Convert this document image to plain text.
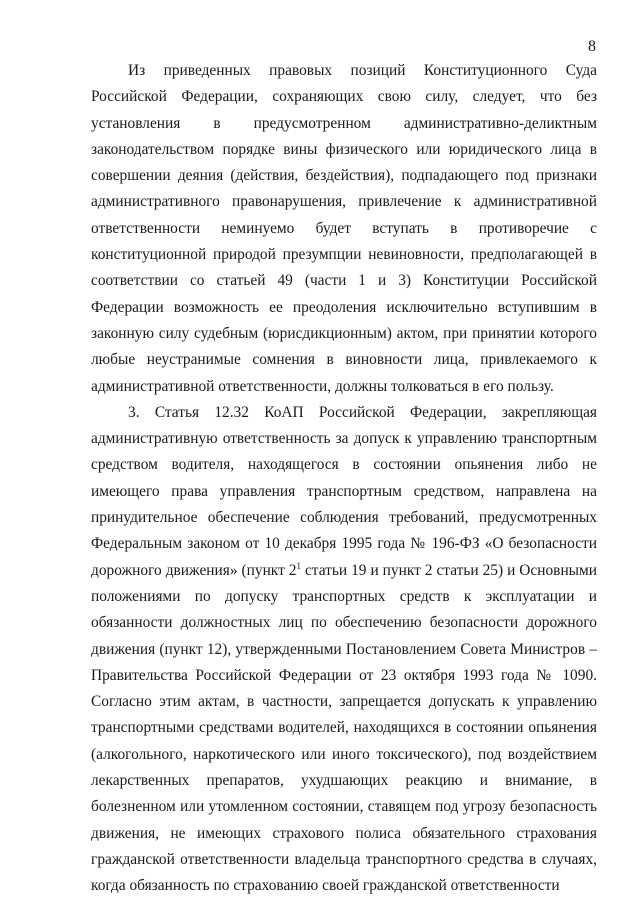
8

Из приведенных правовых позиций Конституционного Суда Российской Федерации, сохраняющих свою силу, следует, что без установления в предусмотренном административно-деликтным законодательством порядке вины физического или юридического лица в совершении деяния (действия, бездействия), подпадающего под признаки административного правонарушения, привлечение к административной ответственности неминуемо будет вступать в противоречие с конституционной природой презумпции невиновности, предполагающей в соответствии со статьей 49 (части 1 и 3) Конституции Российской Федерации возможность ее преодоления исключительно вступившим в законную силу судебным (юрисдикционным) актом, при принятии которого любые неустранимые сомнения в виновности лица, привлекаемого к административной ответственности, должны толковаться в его пользу.

3. Статья 12.32 КоАП Российской Федерации, закрепляющая административную ответственность за допуск к управлению транспортным средством водителя, находящегося в состоянии опьянения либо не имеющего права управления транспортным средством, направлена на принудительное обеспечение соблюдения требований, предусмотренных Федеральным законом от 10 декабря 1995 года № 196-ФЗ «О безопасности дорожного движения» (пункт $2^1$ статьи 19 и пункт 2 статьи 25) и Основными положениями по допуску транспортных средств к эксплуатации и обязанности должностных лиц по обеспечению безопасности дорожного движения (пункт 12), утвержденными Постановлением Совета Министров – Правительства Российской Федерации от 23 октября 1993 года № 1090. Согласно этим актам, в частности, запрещается допускать к управлению транспортными средствами водителей, находящихся в состоянии опьянения (алкогольного, наркотического или иного токсического), под воздействием лекарственных препаратов, ухудшающих реакцию и внимание, в болезненном или утомленном состоянии, ставящем под угрозу безопасность движения, не имеющих страхового полиса обязательного страхования гражданской ответственности владельца транспортного средства в случаях, когда обязанность по страхованию своей гражданской ответственности
